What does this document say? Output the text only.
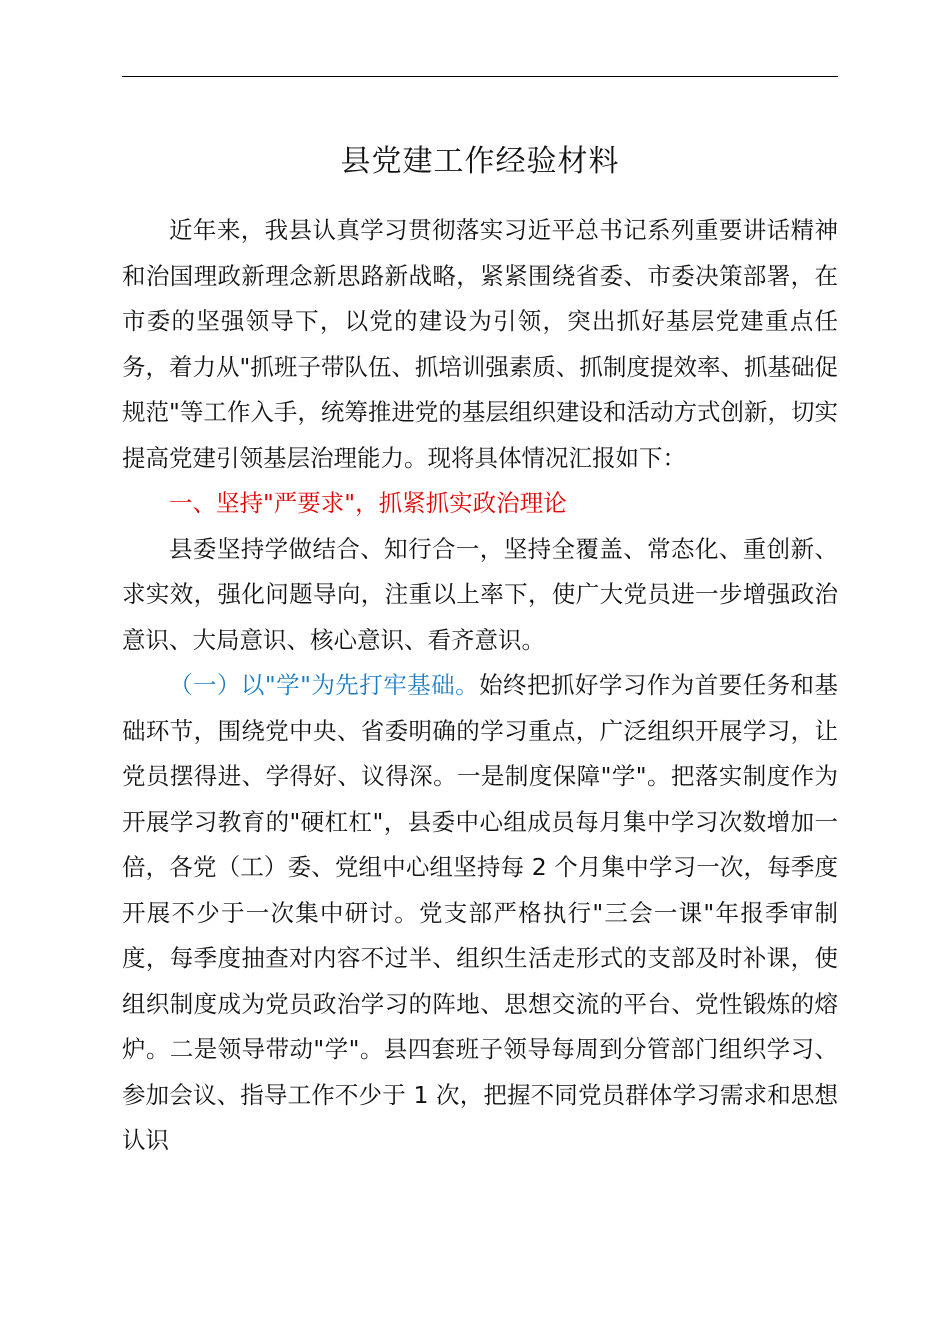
县党建工作经验材料

近年来，我县认真学习贯彻落实习近平总书记系列重要讲话精神和治国理政新理念新思路新战略，紧紧围绕省委、市委决策部署，在市委的坚强领导下，以党的建设为引领，突出抓好基层党建重点任务，着力从"抓班子带队伍、抓培训强素质、抓制度提效率、抓基础促规范"等工作入手，统筹推进党的基层组织建设和活动方式创新，切实提高党建引领基层治理能力。现将具体情况汇报如下：

一、坚持"严要求"，抓紧抓实政治理论

县委坚持学做结合、知行合一，坚持全覆盖、常态化、重创新、求实效，强化问题导向，注重以上率下，使广大党员进一步增强政治意识、大局意识、核心意识、看齐意识。

（一）以"学"为先打牢基础。始终把抓好学习作为首要任务和基础环节，围绕党中央、省委明确的学习重点，广泛组织开展学习，让党员摆得进、学得好、议得深。一是制度保障"学"。把落实制度作为开展学习教育的"硬杠杠"，县委中心组成员每月集中学习次数增加一倍，各党（工）委、党组中心组坚持每 2 个月集中学习一次，每季度开展不少于一次集中研讨。党支部严格执行"三会一课"年报季审制度，每季度抽查对内容不过半、组织生活走形式的支部及时补课，使组织制度成为党员政治学习的阵地、思想交流的平台、党性锻炼的熔炉。二是领导带动"学"。县四套班子领导每周到分管部门组织学习、参加会议、指导工作不少于 1 次，把握不同党员群体学习需求和思想认识
